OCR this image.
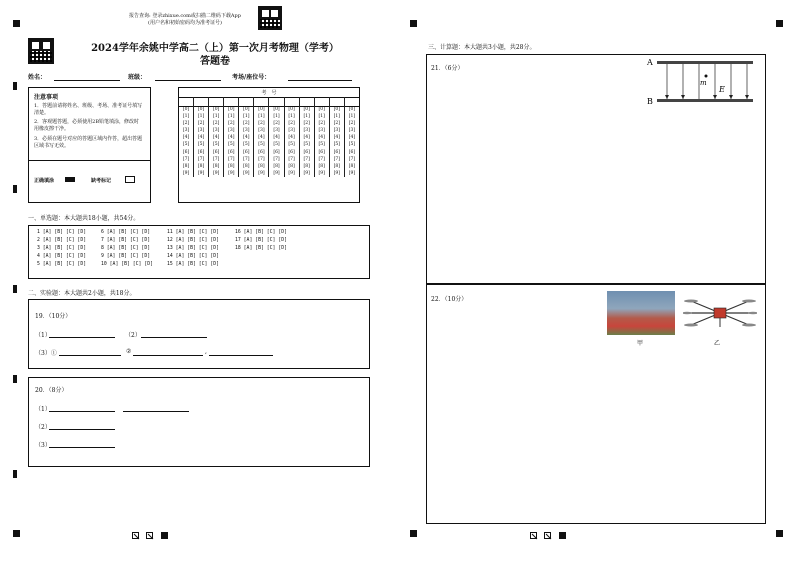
报告查询: 登录zhixue.com或扫描二维码下载App
(用户名和初始密码均为准考证号)
2024学年余姚中学高二（上）第一次月考物理（学考）
答题卷
姓名：	班级：	考场/座位号：
注意事项
1．答题前请将姓名、班级、考场、准考证号填写清楚。
2．客观题答题，必须使用2B铅笔填涂，修改时用橡皮擦干净。
3．必须在题号对应的答题区域内作答，超出答题区域书写无效。
正确填涂	缺考标记
考　号

[0]	[0]	[0]	[0]	[0]	[0]	[0]	[0]	[0]	[0]	[0]	[0]
[1]	[1]	[1]	[1]	[1]	[1]	[1]	[1]	[1]	[1]	[1]	[1]
[2]	[2]	[2]	[2]	[2]	[2]	[2]	[2]	[2]	[2]	[2]	[2]
[3]	[3]	[3]	[3]	[3]	[3]	[3]	[3]	[3]	[3]	[3]	[3]
[4]	[4]	[4]	[4]	[4]	[4]	[4]	[4]	[4]	[4]	[4]	[4]
[5]	[5]	[5]	[5]	[5]	[5]	[5]	[5]	[5]	[5]	[5]	[5]
[6]	[6]	[6]	[6]	[6]	[6]	[6]	[6]	[6]	[6]	[6]	[6]
[7]	[7]	[7]	[7]	[7]	[7]	[7]	[7]	[7]	[7]	[7]	[7]
[8]	[8]	[8]	[8]	[8]	[8]	[8]	[8]	[8]	[8]	[8]	[8]
[9]	[9]	[9]	[9]	[9]	[9]	[9]	[9]	[9]	[9]	[9]	[9]
一、单选题：本大题共18小题，共54分。
1 [A] [B] [C] [D]
2 [A] [B] [C] [D]
3 [A] [B] [C] [D]
4 [A] [B] [C] [D]
5 [A] [B] [C] [D]
6 [A] [B] [C] [D]
7 [A] [B] [C] [D]
8 [A] [B] [C] [D]
9 [A] [B] [C] [D]
10 [A] [B] [C] [D]
11 [A] [B] [C] [D]
12 [A] [B] [C] [D]
13 [A] [B] [C] [D]
14 [A] [B] [C] [D]
15 [A] [B] [C] [D]
16 [A] [B] [C] [D]
17 [A] [B] [C] [D]
18 [A] [B] [C] [D]
二、实验题：本大题共2小题，共18分。
19．（10分）
（1）	（2）
（3）①	②	,
20．（8分）
（1）
（2）
（3）
三、计算题：本大题共3小题，共28分。
21．（6分）
A
B
m
E
22．（10分）
甲	乙
